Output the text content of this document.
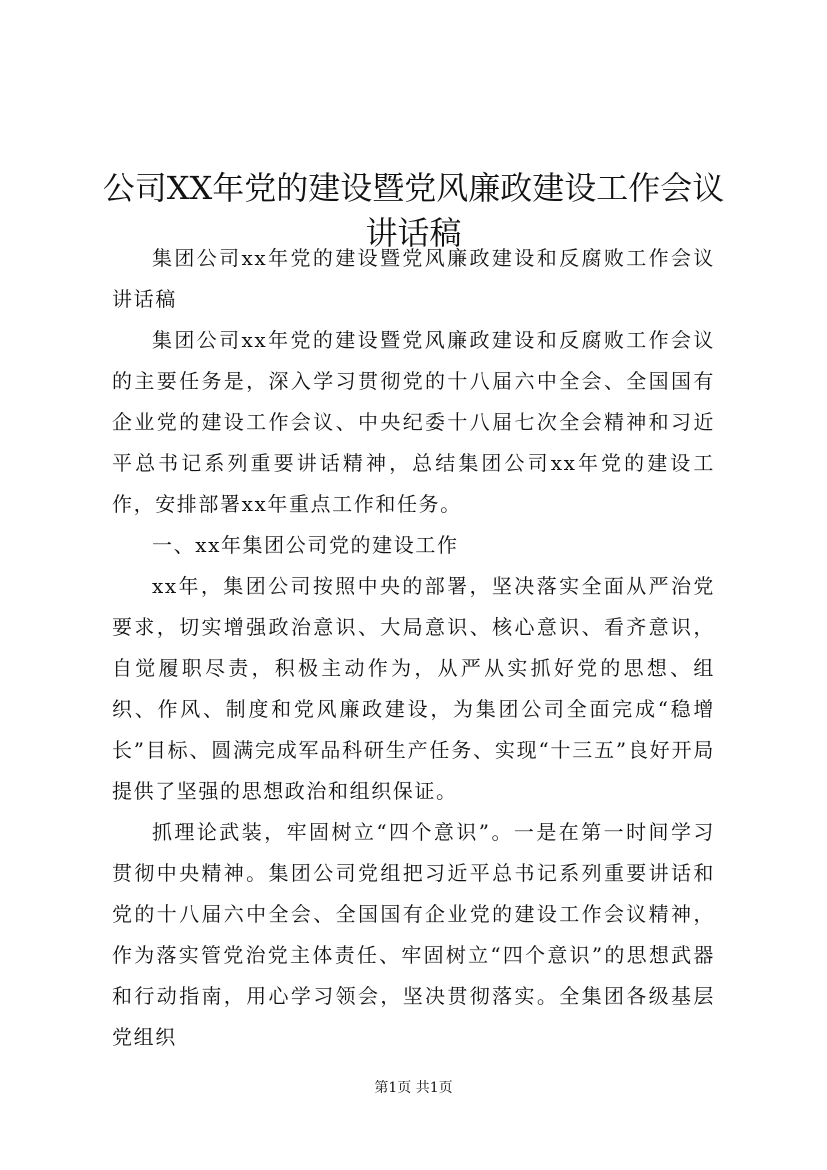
公司XX年党的建设暨党风廉政建设工作会议讲话稿

集团公司xx年党的建设暨党风廉政建设和反腐败工作会议讲话稿

集团公司xx年党的建设暨党风廉政建设和反腐败工作会议的主要任务是，深入学习贯彻党的十八届六中全会、全国国有企业党的建设工作会议、中央纪委十八届七次全会精神和习近平总书记系列重要讲话精神，总结集团公司xx年党的建设工作，安排部署xx年重点工作和任务。

一、xx年集团公司党的建设工作

xx年，集团公司按照中央的部署，坚决落实全面从严治党要求，切实增强政治意识、大局意识、核心意识、看齐意识，自觉履职尽责，积极主动作为，从严从实抓好党的思想、组织、作风、制度和党风廉政建设，为集团公司全面完成“稳增长”目标、圆满完成军品科研生产任务、实现“十三五”良好开局提供了坚强的思想政治和组织保证。

抓理论武装，牢固树立“四个意识”。一是在第一时间学习贯彻中央精神。集团公司党组把习近平总书记系列重要讲话和党的十八届六中全会、全国国有企业党的建设工作会议精神，作为落实管党治党主体责任、牢固树立“四个意识”的思想武器和行动指南，用心学习领会，坚决贯彻落实。全集团各级基层党组织

第1页 共1页
